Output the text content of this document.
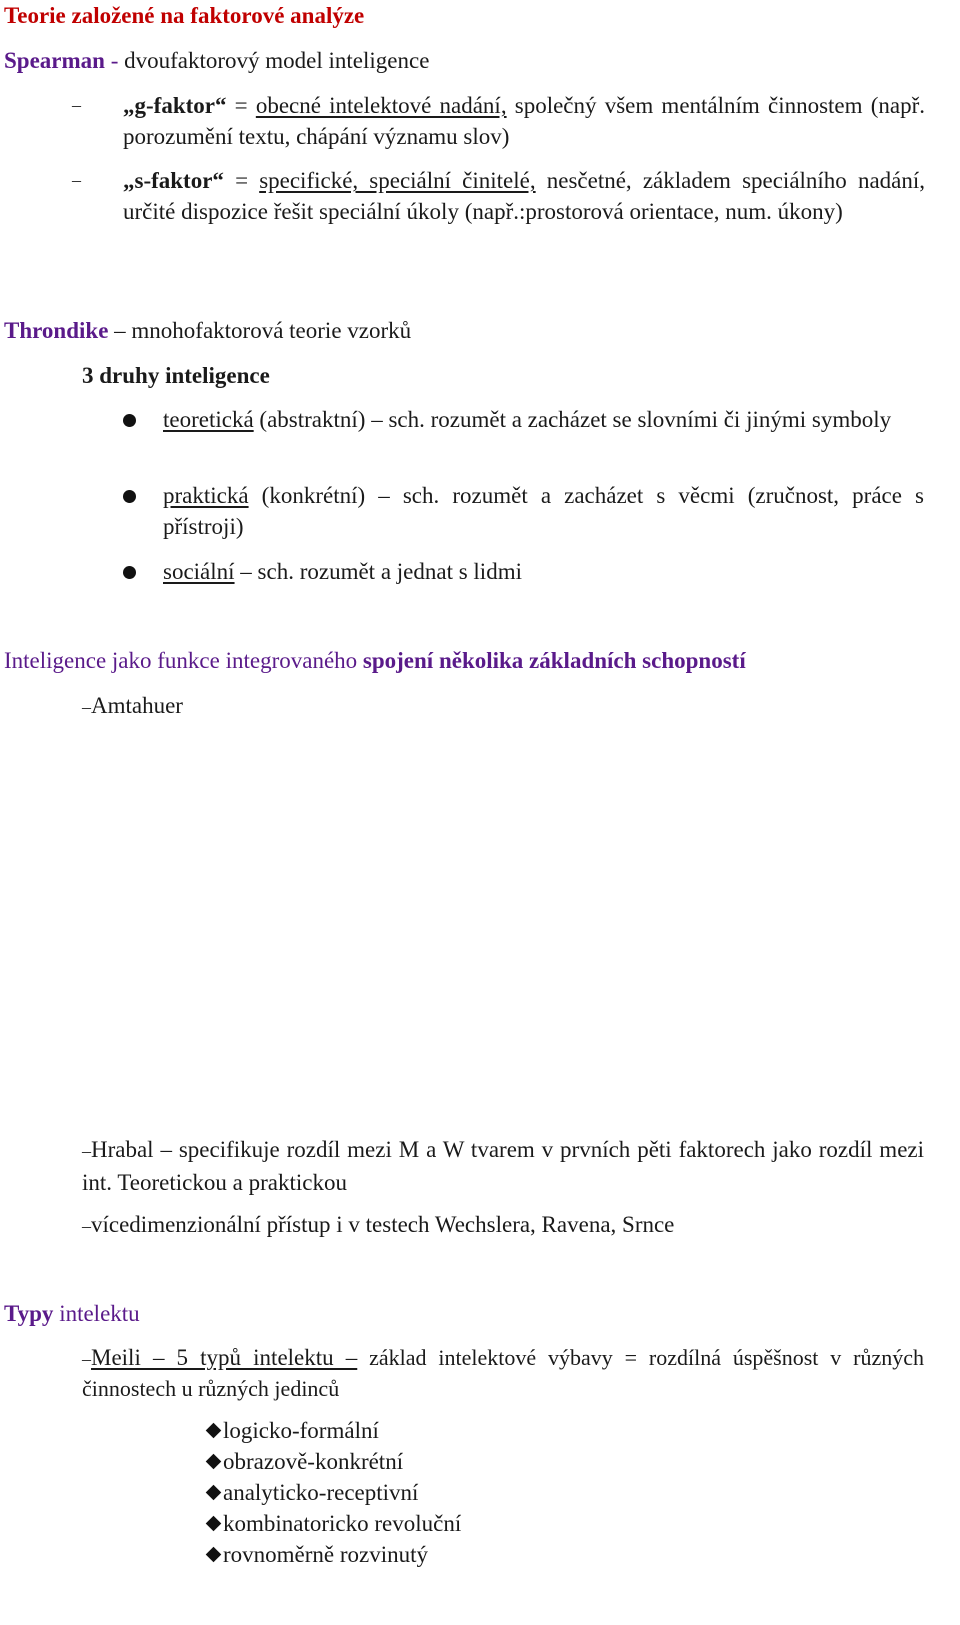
Teorie založené na faktorové analýze
Spearman - dvoufaktorový model inteligence
– „g-faktor“ = obecné intelektové nadání, společný všem mentálním činnostem (např. porozumění textu, chápání významu slov)
– „s-faktor“ = specifické, speciální činitelé, nesčetné, základem speciálního nadání, určité dispozice řešit speciální úkoly (např.:prostorová orientace, num. úkony)
Throndike – mnohofaktorová teorie vzorků
3 druhy inteligence
teoretická (abstraktní) – sch. rozumět a zacházet se slovními či jinými symboly
praktická (konkrétní) – sch. rozumět a zacházet s věcmi (zručnost, práce s přístroji)
sociální – sch. rozumět a jednat s lidmi
Inteligence jako funkce integrovaného spojení několika základních schopností
–Amtahuer
–Hrabal – specifikuje rozdíl mezi M a W tvarem v prvních pěti faktorech jako rozdíl mezi int. Teoretickou a praktickou
–vícedimenzionální přístup i v testech Wechslera, Ravena, Srnce
Typy intelektu
–Meili – 5 typů intelektu – základ intelektové výbavy = rozdílná úspěšnost v různých činnostech u různých jedinců
logicko-formální
obrazově-konkrétní
analyticko-receptivní
kombinatoricko revoluční
rovnoměrně rozvinutý
